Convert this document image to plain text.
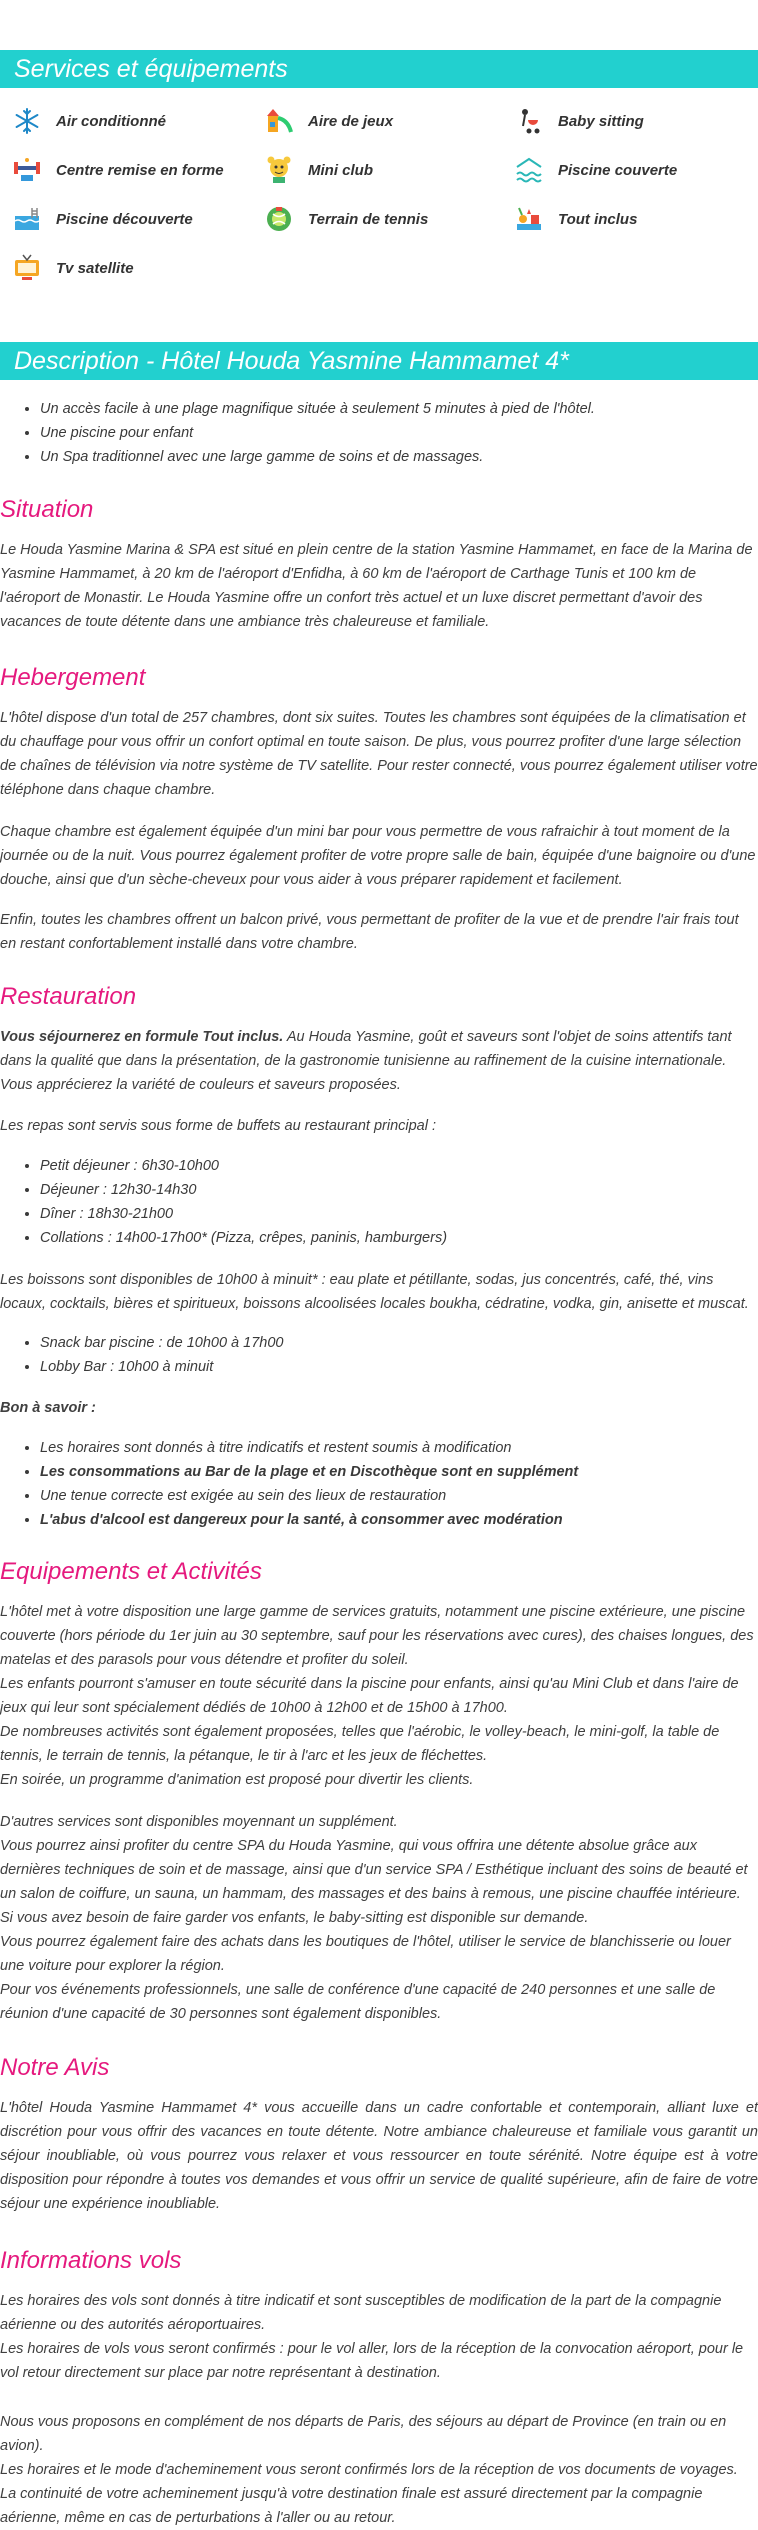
Services et équipements
Air conditionné	Aire de jeux	Baby sitting
Centre remise en forme	Mini club	Piscine couverte
Piscine découverte	Terrain de tennis	Tout inclus
Tv satellite
Description - Hôtel Houda Yasmine Hammamet 4*
• Un accès facile à une plage magnifique située à seulement 5 minutes à pied de l'hôtel.
• Une piscine pour enfant
• Un Spa traditionnel avec une large gamme de soins et de massages.
Situation

Le Houda Yasmine Marina & SPA est situé en plein centre de la station Yasmine Hammamet, en face de la Marina de Yasmine Hammamet, à 20 km de l'aéroport d'Enfidha, à 60 km de l'aéroport de Carthage Tunis et 100 km de l'aéroport de Monastir. Le Houda Yasmine offre un confort très actuel et un luxe discret permettant d'avoir des vacances de toute détente dans une ambiance très chaleureuse et familiale.

Hebergement

L'hôtel dispose d'un total de 257 chambres, dont six suites. Toutes les chambres sont équipées de la climatisation et du chauffage pour vous offrir un confort optimal en toute saison. De plus, vous pourrez profiter d'une large sélection de chaînes de télévision via notre système de TV satellite. Pour rester connecté, vous pourrez également utiliser votre téléphone dans chaque chambre.

Chaque chambre est également équipée d'un mini bar pour vous permettre de vous rafraichir à tout moment de la journée ou de la nuit. Vous pourrez également profiter de votre propre salle de bain, équipée d'une baignoire ou d'une douche, ainsi que d'un sèche-cheveux pour vous aider à vous préparer rapidement et facilement.

Enfin, toutes les chambres offrent un balcon privé, vous permettant de profiter de la vue et de prendre l'air frais tout en restant confortablement installé dans votre chambre.

Restauration

Vous séjournerez en formule Tout inclus. Au Houda Yasmine, goût et saveurs sont l'objet de soins attentifs tant dans la qualité que dans la présentation, de la gastronomie tunisienne au raffinement de la cuisine internationale. Vous apprécierez la variété de couleurs et saveurs proposées.

Les repas sont servis sous forme de buffets au restaurant principal :

• Petit déjeuner : 6h30-10h00
• Déjeuner : 12h30-14h30
• Dîner : 18h30-21h00
• Collations : 14h00-17h00* (Pizza, crêpes, paninis, hamburgers)

Les boissons sont disponibles de 10h00 à minuit* : eau plate et pétillante, sodas, jus concentrés, café, thé, vins locaux, cocktails, bières et spiritueux, boissons alcoolisées locales boukha, cédratine, vodka, gin, anisette et muscat.

• Snack bar piscine : de 10h00 à 17h00
• Lobby Bar : 10h00 à minuit

Bon à savoir :

• Les horaires sont donnés à titre indicatifs et restent soumis à modification
• Les consommations au Bar de la plage et en Discothèque sont en supplément
• Une tenue correcte est exigée au sein des lieux de restauration
• L'abus d'alcool est dangereux pour la santé, à consommer avec modération
Equipements et Activités

L'hôtel met à votre disposition une large gamme de services gratuits, notamment une piscine extérieure, une piscine couverte (hors période du 1er juin au 30 septembre, sauf pour les réservations avec cures), des chaises longues, des matelas et des parasols pour vous détendre et profiter du soleil.

Les enfants pourront s'amuser en toute sécurité dans la piscine pour enfants, ainsi qu'au Mini Club et dans l'aire de jeux qui leur sont spécialement dédiés de 10h00 à 12h00 et de 15h00 à 17h00.

De nombreuses activités sont également proposées, telles que l'aérobic, le volley-beach, le mini-golf, la table de tennis, le terrain de tennis, la pétanque, le tir à l'arc et les jeux de fléchettes.

En soirée, un programme d'animation est proposé pour divertir les clients.

D'autres services sont disponibles moyennant un supplément.

Vous pourrez ainsi profiter du centre SPA du Houda Yasmine, qui vous offrira une détente absolue grâce aux dernières techniques de soin et de massage, ainsi que d'un service SPA / Esthétique incluant des soins de beauté et un salon de coiffure, un sauna, un hammam, des massages et des bains à remous, une piscine chauffée intérieure.

Si vous avez besoin de faire garder vos enfants, le baby-sitting est disponible sur demande.

Vous pourrez également faire des achats dans les boutiques de l'hôtel, utiliser le service de blanchisserie ou louer une voiture pour explorer la région.

Pour vos événements professionnels, une salle de conférence d'une capacité de 240 personnes et une salle de réunion d'une capacité de 30 personnes sont également disponibles.

Notre Avis

L'hôtel Houda Yasmine Hammamet 4* vous accueille dans un cadre confortable et contemporain, alliant luxe et discrétion pour vous offrir des vacances en toute détente. Notre ambiance chaleureuse et familiale vous garantit un séjour inoubliable, où vous pourrez vous relaxer et vous ressourcer en toute sérénité. Notre équipe est à votre disposition pour répondre à toutes vos demandes et vous offrir un service de qualité supérieure, afin de faire de votre séjour une expérience inoubliable.

Informations vols

Les horaires des vols sont donnés à titre indicatif et sont susceptibles de modification de la part de la compagnie aérienne ou des autorités aéroportuaires.

Les horaires de vols vous seront confirmés : pour le vol aller, lors de la réception de la convocation aéroport, pour le vol retour directement sur place par notre représentant à destination.

Nous vous proposons en complément de nos départs de Paris, des séjours au départ de Province (en train ou en avion).

Les horaires et le mode d'acheminement vous seront confirmés lors de la réception de vos documents de voyages.

La continuité de votre acheminement jusqu'à votre destination finale est assuré directement par la compagnie aérienne, même en cas de perturbations à l'aller ou au retour.
